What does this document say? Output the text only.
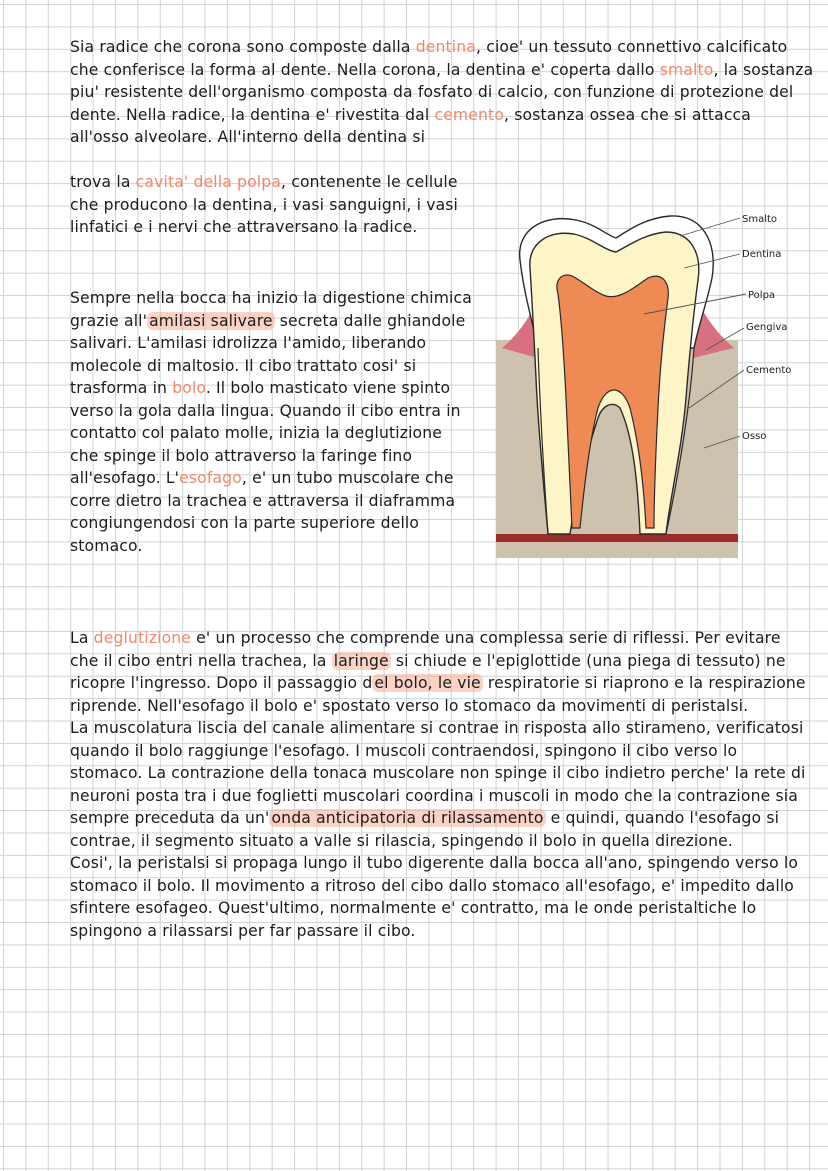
Sia radice che corona sono composte dalla dentina, cioe' un tessuto connettivo calcificato che conferisce la forma al dente. Nella corona, la dentina e' coperta dallo smalto, la sostanza piu' resistente dell'organismo composta da fosfato di calcio, con funzione di protezione del dente. Nella radice, la dentina e' rivestita dal cemento, sostanza ossea che si attacca all'osso alveolare. All'interno della dentina si

trova la cavita' della polpa, contenente le cellule che producono la dentina, i vasi sanguigni, i vasi linfatici e i nervi che attraversano la radice.

Sempre nella bocca ha inizio la digestione chimica grazie all' amilasi salivare secreta dalle ghiandole salivari. L'amilasi idrolizza l'amido, liberando molecole di maltosio. Il cibo trattato cosi' si trasforma in bolo. Il bolo masticato viene spinto verso la gola dalla lingua. Quando il cibo entra in contatto col palato molle, inizia la deglutizione che spinge il bolo attraverso la faringe fino all'esofago. L'esofago, e' un tubo muscolare che corre dietro la trachea e attraversa il diaframma congiungendosi con la parte superiore dello stomaco.

Smalto
Dentina
Polpa
Gengiva
Cemento
Osso

La deglutizione e' un processo che comprende una complessa serie di riflessi. Per evitare che il cibo entri nella trachea, la laringe si chiude e l'epiglottide (una piega di tessuto) ne ricopre l'ingresso. Dopo il passaggio d el bolo, le vie respiratorie si riaprono e la respirazione riprende. Nell'esofago il bolo e' spostato verso lo stomaco da movimenti di peristalsi.
La muscolatura liscia del canale alimentare si contrae in risposta allo stirameno, verificatosi quando il bolo raggiunge l'esofago. I muscoli contraendosi, spingono il cibo verso lo stomaco. La contrazione della tonaca muscolare non spinge il cibo indietro perche' la rete di neuroni posta tra i due foglietti muscolari coordina i muscoli in modo che la contrazione sia sempre preceduta da un' onda anticipatoria di rilassamento e quindi, quando l'esofago si contrae, il segmento situato a valle si rilascia, spingendo il bolo in quella direzione.
Cosi', la peristalsi si propaga lungo il tubo digerente dalla bocca all'ano, spingendo verso lo stomaco il bolo. Il movimento a ritroso del cibo dallo stomaco all'esofago, e' impedito dallo sfintere esofageo. Quest'ultimo, normalmente e' contratto, ma le onde peristaltiche lo spingono a rilassarsi per far passare il cibo.
